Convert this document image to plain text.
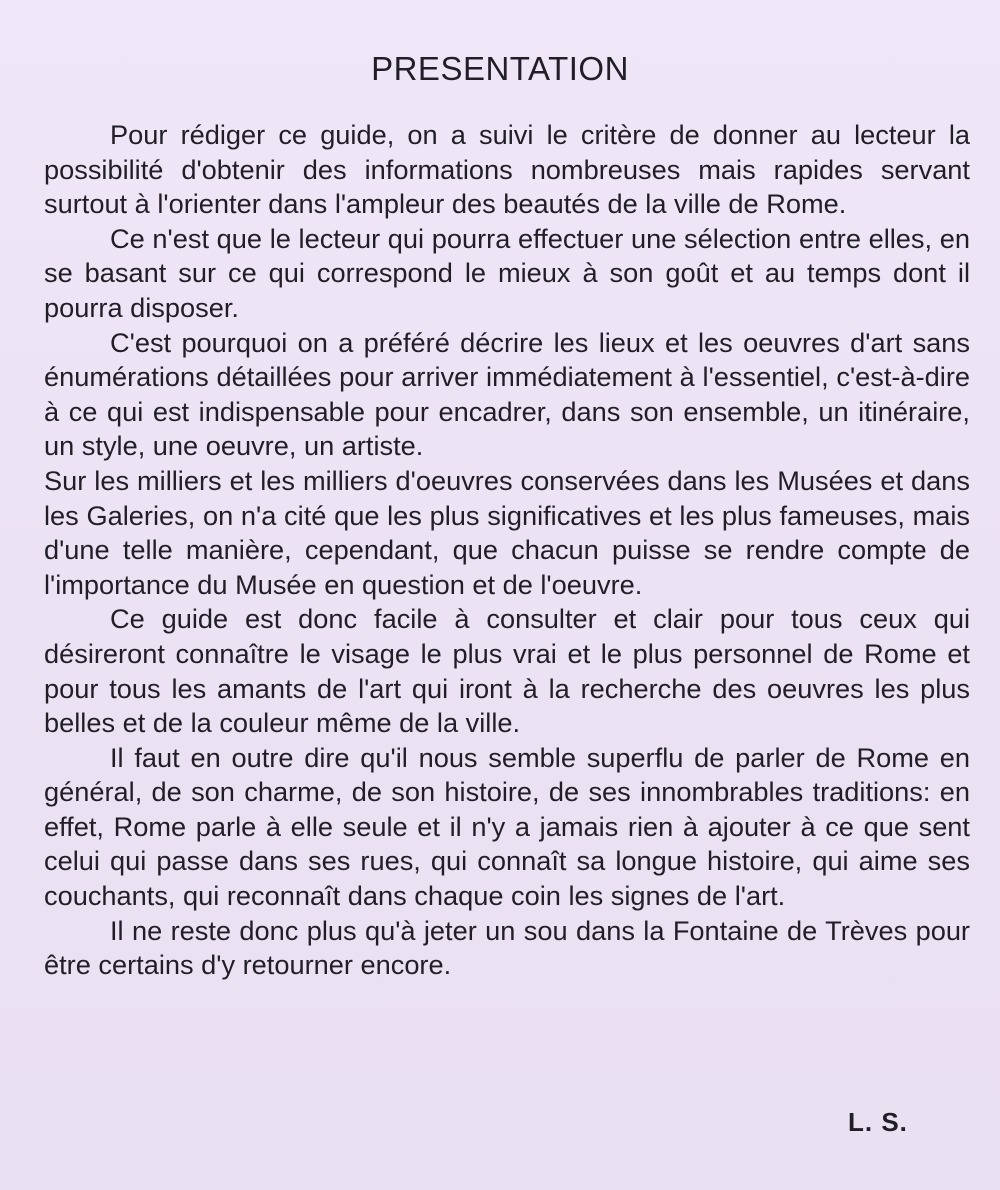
PRESENTATION

Pour rédiger ce guide, on a suivi le critère de donner au lecteur la possibilité d'obtenir des informations nombreuses mais rapides servant surtout à l'orienter dans l'ampleur des beautés de la ville de Rome.

Ce n'est que le lecteur qui pourra effectuer une sélection entre elles, en se basant sur ce qui correspond le mieux à son goût et au temps dont il pourra disposer.

C'est pourquoi on a préféré décrire les lieux et les oeuvres d'art sans énumérations détaillées pour arriver immédiatement à l'essentiel, c'est-à-dire à ce qui est indispensable pour encadrer, dans son ensemble, un itinéraire, un style, une oeuvre, un artiste.

Sur les milliers et les milliers d'oeuvres conservées dans les Musées et dans les Galeries, on n'a cité que les plus significatives et les plus fameuses, mais d'une telle manière, cependant, que chacun puisse se rendre compte de l'importance du Musée en question et de l'oeuvre.

Ce guide est donc facile à consulter et clair pour tous ceux qui désireront connaître le visage le plus vrai et le plus personnel de Rome et pour tous les amants de l'art qui iront à la recherche des oeuvres les plus belles et de la couleur même de la ville.

Il faut en outre dire qu'il nous semble superflu de parler de Rome en général, de son charme, de son histoire, de ses innombrables traditions: en effet, Rome parle à elle seule et il n'y a jamais rien à ajouter à ce que sent celui qui passe dans ses rues, qui connaît sa longue histoire, qui aime ses couchants, qui reconnaît dans chaque coin les signes de l'art.

Il ne reste donc plus qu'à jeter un sou dans la Fontaine de Trèves pour être certains d'y retourner encore.

L. S.
